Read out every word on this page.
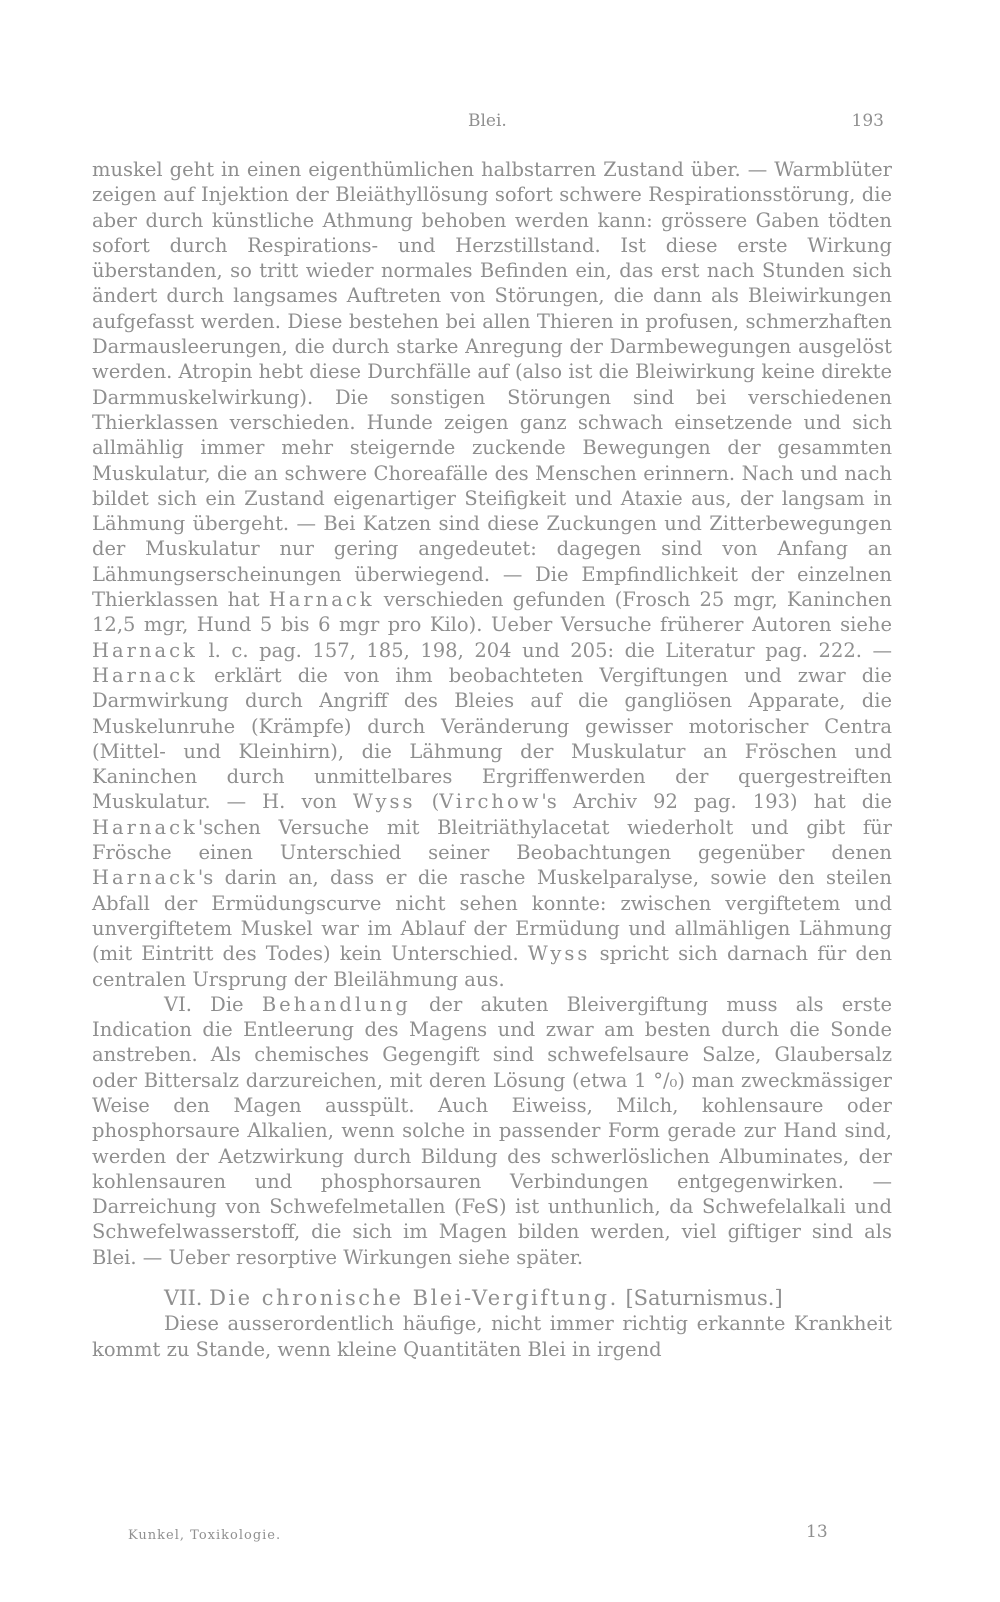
Blei.	193

muskel geht in einen eigenthümlichen halbstarren Zustand über. — Warmblüter zeigen auf Injektion der Bleiäthyllösung sofort schwere Respirationsstörung, die aber durch künstliche Athmung behoben werden kann: grössere Gaben tödten sofort durch Respirations- und Herzstillstand. Ist diese erste Wirkung überstanden, so tritt wieder normales Befinden ein, das erst nach Stunden sich ändert durch langsames Auftreten von Störungen, die dann als Bleiwirkungen aufgefasst werden. Diese bestehen bei allen Thieren in profusen, schmerzhaften Darmausleerungen, die durch starke Anregung der Darmbewegungen ausgelöst werden. Atropin hebt diese Durchfälle auf (also ist die Bleiwirkung keine direkte Darmmuskelwirkung). Die sonstigen Störungen sind bei verschiedenen Thierklassen verschieden. Hunde zeigen ganz schwach einsetzende und sich allmählig immer mehr steigernde zuckende Bewegungen der gesammten Muskulatur, die an schwere Choreafälle des Menschen erinnern. Nach und nach bildet sich ein Zustand eigenartiger Steifigkeit und Ataxie aus, der langsam in Lähmung übergeht. — Bei Katzen sind diese Zuckungen und Zitterbewegungen der Muskulatur nur gering angedeutet: dagegen sind von Anfang an Lähmungserscheinungen überwiegend. — Die Empfindlichkeit der einzelnen Thierklassen hat Harnack verschieden gefunden (Frosch 25 mgr, Kaninchen 12,5 mgr, Hund 5 bis 6 mgr pro Kilo). Ueber Versuche früherer Autoren siehe Harnack l. c. pag. 157, 185, 198, 204 und 205: die Literatur pag. 222. — Harnack erklärt die von ihm beobachteten Vergiftungen und zwar die Darmwirkung durch Angriff des Bleies auf die gangliösen Apparate, die Muskelunruhe (Krämpfe) durch Veränderung gewisser motorischer Centra (Mittel- und Kleinhirn), die Lähmung der Muskulatur an Fröschen und Kaninchen durch unmittelbares Ergriffenwerden der quergestreiften Muskulatur. — H. von Wyss (Virchow's Archiv 92 pag. 193) hat die Harnack'schen Versuche mit Bleitriäthylacetat wiederholt und gibt für Frösche einen Unterschied seiner Beobachtungen gegenüber denen Harnack's darin an, dass er die rasche Muskelparalyse, sowie den steilen Abfall der Ermüdungscurve nicht sehen konnte: zwischen vergiftetem und unvergiftetem Muskel war im Ablauf der Ermüdung und allmähligen Lähmung (mit Eintritt des Todes) kein Unterschied. Wyss spricht sich darnach für den centralen Ursprung der Bleilähmung aus.

VI. Die Behandlung der akuten Bleivergiftung muss als erste Indication die Entleerung des Magens und zwar am besten durch die Sonde anstreben. Als chemisches Gegengift sind schwefelsaure Salze, Glaubersalz oder Bittersalz darzureichen, mit deren Lösung (etwa 1 °/₀) man zweckmässiger Weise den Magen ausspült. Auch Eiweiss, Milch, kohlensaure oder phosphorsaure Alkalien, wenn solche in passender Form gerade zur Hand sind, werden der Aetzwirkung durch Bildung des schwerlöslichen Albuminates, der kohlensauren und phosphorsauren Verbindungen entgegenwirken. — Darreichung von Schwefelmetallen (FeS) ist unthunlich, da Schwefelalkali und Schwefelwasserstoff, die sich im Magen bilden werden, viel giftiger sind als Blei. — Ueber resorptive Wirkungen siehe später.

VII. Die chronische Blei-Vergiftung. [Saturnismus.]

Diese ausserordentlich häufige, nicht immer richtig erkannte Krankheit kommt zu Stande, wenn kleine Quantitäten Blei in irgend

Kunkel, Toxikologie.	13
